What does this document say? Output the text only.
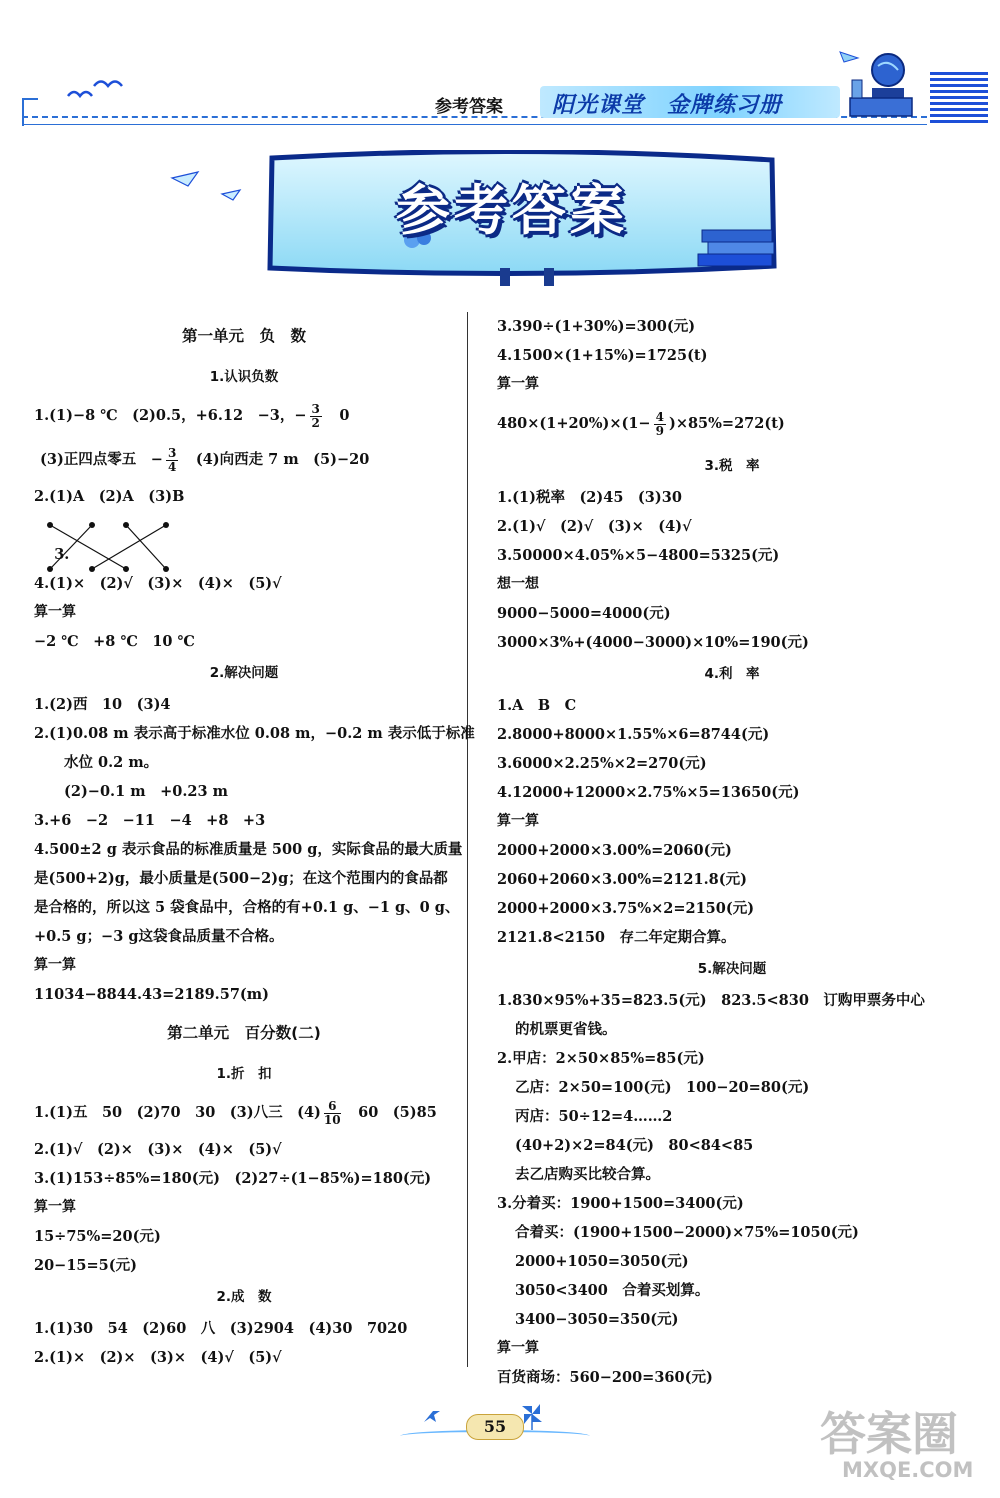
参考答案 阳光课堂　金牌练习册
参考答案
第一单元　负　数
1.认识负数
1.(1)−8 ℃　(2)0.5，+6.12　−3，− $\frac{3}{2}$ 　0
(3)正四点零五　− $\frac{3}{4}$ 　(4)向西走 7 m　(5)−20
2.(1)A　(2)A　(3)B

3.

4.(1)×　(2)√　(3)×　(4)×　(5)√
算一算
−2 ℃　+8 ℃　10 ℃
2.解决问题
1.(2)西　10　(3)4
2.(1)0.08 m 表示高于标准水位 0.08 m，−0.2 m 表示低于标准
水位 0.2 m。
(2)−0.1 m　+0.23 m
3.+6　−2　−11　−4　+8　+3
4.500±2 g 表示食品的标准质量是 500 g，实际食品的最大质量
是(500+2)g，最小质量是(500−2)g；在这个范围内的食品都
是合格的，所以这 5 袋食品中，合格的有+0.1 g、−1 g、0 g、
+0.5 g；−3 g这袋食品质量不合格。
算一算
11034−8844.43=2189.57(m)
第二单元　百分数(二)
1.折　扣
1.(1)五　50　(2)70　30　(3)八三　$(4) \frac{6}{10}$ 　60　(5)85
2.(1)√　(2)×　(3)×　(4)×　(5)√
3.(1)153÷85%=180(元)　(2)27÷(1−85%)=180(元)
算一算
15÷75%=20(元)
20−15=5(元)
2.成　数
1.(1)30　54　(2)60　八　(3)2904　(4)30　7020
2.(1)×　(2)×　(3)×　(4)√　(5)√
3.390÷(1+30%)=300(元)
4.1500×(1+15%)=1725(t)
算一算
$480\times(1+20\%)\times(1- \frac{4}{9} )\times 85\%=272(t)$
3.税　率
1.(1)税率　(2)45　(3)30
2.(1)√　(2)√　(3)×　(4)√
3.50000×4.05%×5−4800=5325(元)
想一想
9000−5000=4000(元)
3000×3%+(4000−3000)×10%=190(元)
4.利　率
1.A　B　C
2.8000+8000×1.55%×6=8744(元)
3.6000×2.25%×2=270(元)
4.12000+12000×2.75%×5=13650(元)
算一算
2000+2000×3.00%=2060(元)
2060+2060×3.00%=2121.8(元)
2000+2000×3.75%×2=2150(元)
2121.8<2150　存二年定期合算。
5.解决问题
1.830×95%+35=823.5(元)　823.5<830　订购甲票务中心
的机票更省钱。
2.甲店：2×50×85%=85(元)
乙店：2×50=100(元)　100−20=80(元)
丙店：50÷12=4……2
(40+2)×2=84(元)　80<84<85
去乙店购买比较合算。
3.分着买：1900+1500=3400(元)
合着买：(1900+1500−2000)×75%=1050(元)
2000+1050=3050(元)
3050<3400　合着买划算。
3400−3050=350(元)
算一算
百货商场：560−200=360(元)
55	答案圈
MXQE.COM
